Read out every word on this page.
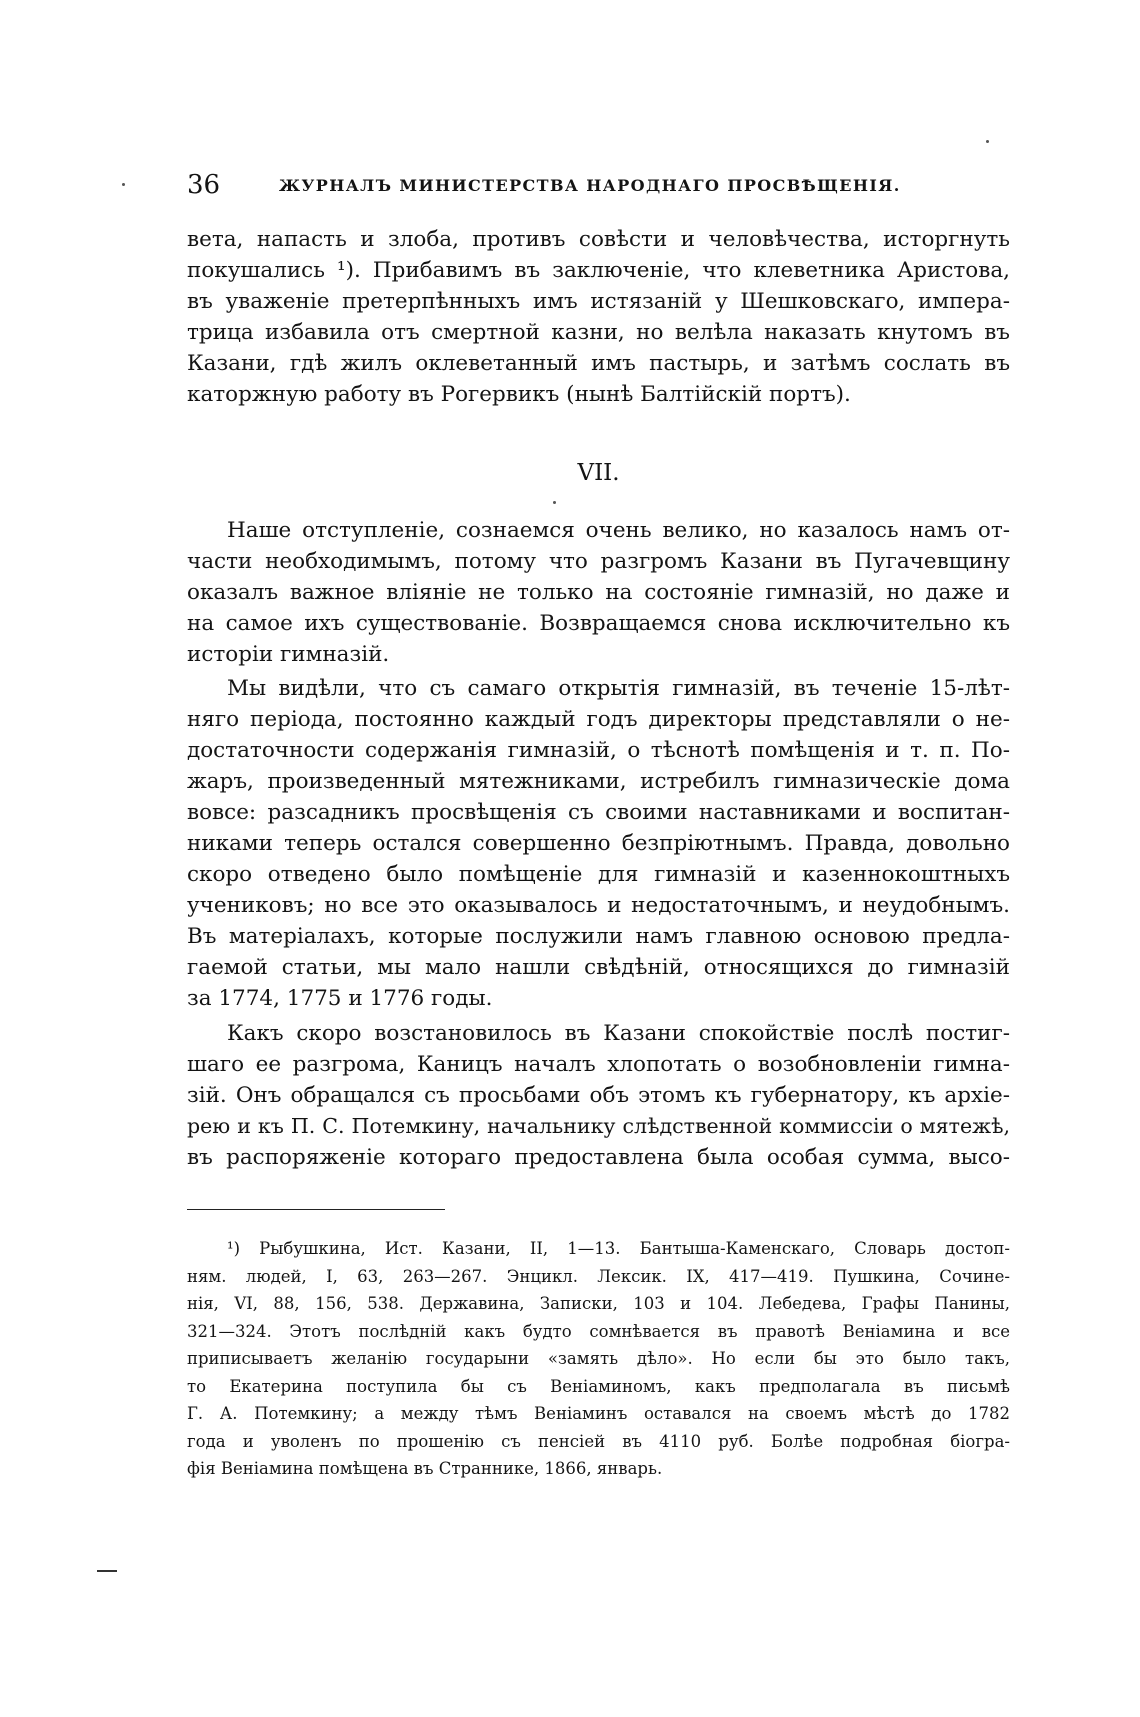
36	ЖУРНАЛЪ МИНИСТЕРСТВА НАРОДНАГО ПРОСВѢЩЕНІЯ.
вета, напасть и злоба, противъ совѣсти и человѣчества, исторгнуть
покушались ¹). Прибавимъ въ заключеніе, что клеветника Аристова,
въ уваженіе претерпѣнныхъ имъ истязаній у Шешковскаго, импера-
трица избавила отъ смертной казни, но велѣла наказать кнутомъ въ
Казани, гдѣ жилъ оклеветанный имъ пастырь, и затѣмъ сослать въ
каторжную работу въ Рогервикъ (нынѣ Балтійскій портъ).
VII.
Наше отступленіе, сознаемся очень велико, но казалось намъ от-
части необходимымъ, потому что разгромъ Казани въ Пугачевщину
оказалъ важное вліяніе не только на состояніе гимназій, но даже и
на самое ихъ существованіе. Возвращаемся снова исключительно къ
исторіи гимназій.
Мы видѣли, что съ самаго открытія гимназій, въ теченіе 15-лѣт-
няго періода, постоянно каждый годъ директоры представляли о не-
достаточности содержанія гимназій, о тѣснотѣ помѣщенія и т. п. По-
жаръ, произведенный мятежниками, истребилъ гимназическіе дома
вовсе: разсадникъ просвѣщенія съ своими наставниками и воспитан-
никами теперь остался совершенно безпріютнымъ. Правда, довольно
скоро отведено было помѣщеніе для гимназій и казеннокоштныхъ
учениковъ; но все это оказывалось и недостаточнымъ, и неудобнымъ.
Въ матеріалахъ, которые послужили намъ главною основою предла-
гаемой статьи, мы мало нашли свѣдѣній, относящихся до гимназій
за 1774, 1775 и 1776 годы.
Какъ скоро возстановилось въ Казани спокойствіе послѣ постиг-
шаго ее разгрома, Каницъ началъ хлопотать о возобновленіи гимна-
зій. Онъ обращался съ просьбами объ этомъ къ губернатору, къ архіе-
рею и къ П. С. Потемкину, начальнику слѣдственной коммиссіи о мятежѣ,
въ распоряженіе котораго предоставлена была особая сумма, высо-
¹) Рыбушкина, Ист. Казани, II, 1—13. Бантыша-Каменскаго, Словарь достоп-
ням. людей, I, 63, 263—267. Энцикл. Лексик. IX, 417—419. Пушкина, Сочине-
нія, VI, 88, 156, 538. Державина, Записки, 103 и 104. Лебедева, Графы Панины,
321—324. Этотъ послѣдній какъ будто сомнѣвается въ правотѣ Веніамина и все
приписываетъ желанію государыни «замять дѣло». Но если бы это было такъ,
то Екатерина поступила бы съ Веніаминомъ, какъ предполагала въ письмѣ
Г. А. Потемкину; а между тѣмъ Веніаминъ оставался на своемъ мѣстѣ до 1782
года и уволенъ по прошенію съ пенсіей въ 4110 руб. Болѣе подробная біогра-
фія Веніамина помѣщена въ Страннике, 1866, январь.
